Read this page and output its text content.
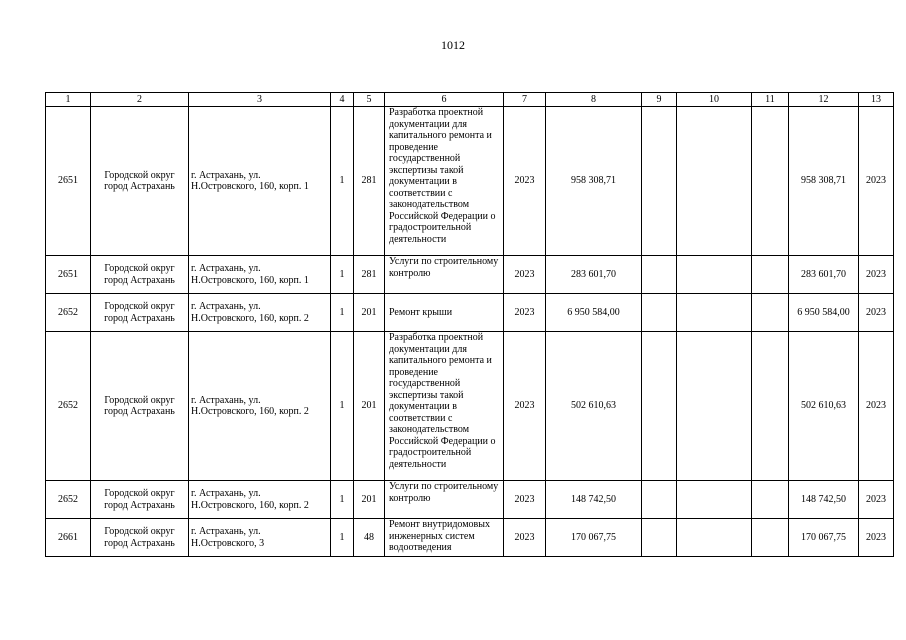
1012
1	2	3	4	5	6	7	8	9	10	11	12	13
2651	Городской округ город Астрахань	г. Астрахань, ул. Н.Островского, 160, корп. 1	1	281	Разработка проектной документации для капитального ремонта и проведение государственной экспертизы такой документации в соответствии с законодательством Российской Федерации о градостроительной деятельности	2023	958 308,71				958 308,71	2023
2651	Городской округ город Астрахань	г. Астрахань, ул. Н.Островского, 160, корп. 1	1	281	Услуги по строительному контролю	2023	283 601,70				283 601,70	2023
2652	Городской округ город Астрахань	г. Астрахань, ул. Н.Островского, 160, корп. 2	1	201	Ремонт крыши	2023	6 950 584,00				6 950 584,00	2023
2652	Городской округ город Астрахань	г. Астрахань, ул. Н.Островского, 160, корп. 2	1	201	Разработка проектной документации для капитального ремонта и проведение государственной экспертизы такой документации в соответствии с законодательством Российской Федерации о градостроительной деятельности	2023	502 610,63				502 610,63	2023
2652	Городской округ город Астрахань	г. Астрахань, ул. Н.Островского, 160, корп. 2	1	201	Услуги по строительному контролю	2023	148 742,50				148 742,50	2023
2661	Городской округ город Астрахань	г. Астрахань, ул. Н.Островского, 3	1	48	Ремонт внутридомовых инженерных систем водоотведения	2023	170 067,75				170 067,75	2023
